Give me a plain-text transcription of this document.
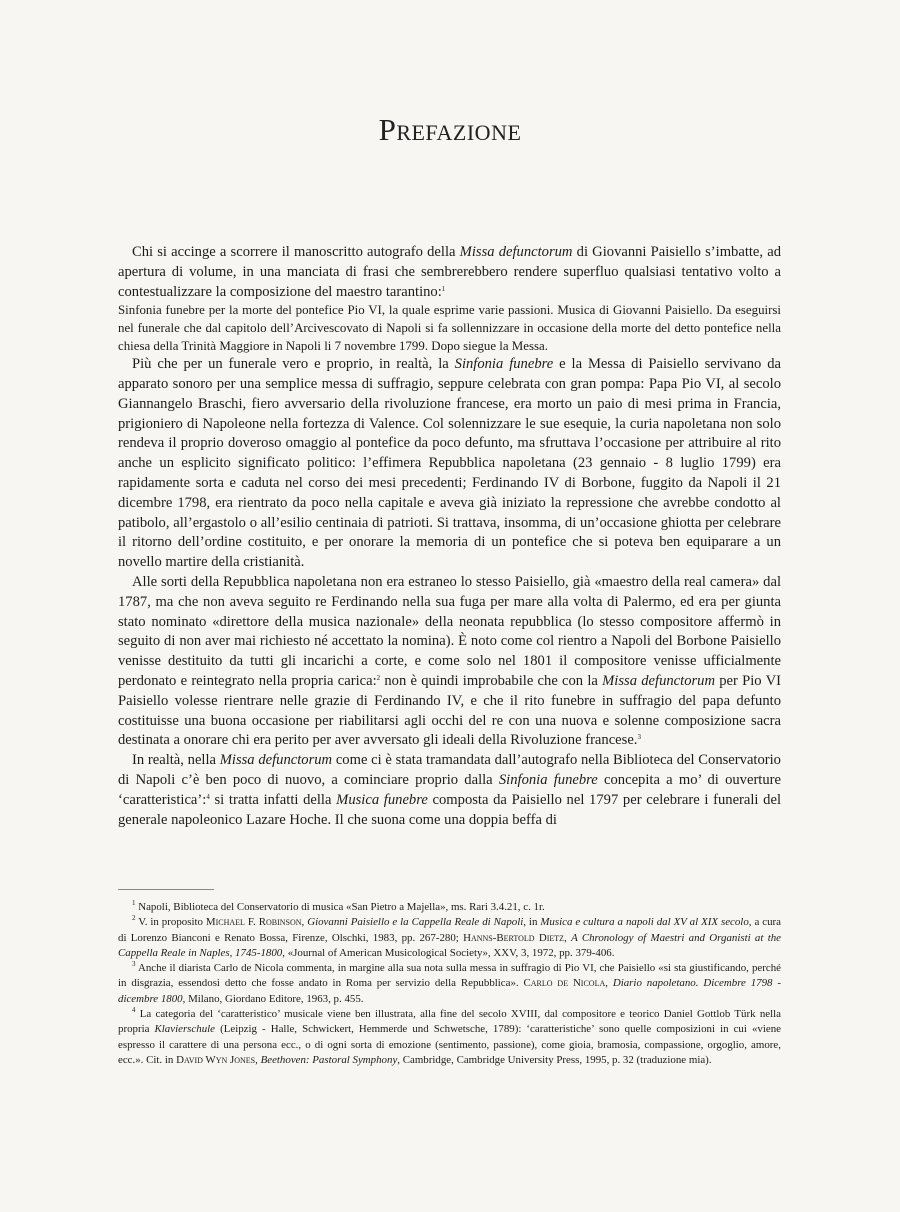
Prefazione

Chi si accinge a scorrere il manoscritto autografo della Missa defunctorum di Giovanni Paisiello s’imbatte, ad apertura di volume, in una manciata di frasi che sembrerebbero rendere superfluo qualsiasi tentativo volto a contestualizzare la composizione del maestro tarantino:$^1$

Sinfonia funebre per la morte del pontefice Pio VI, la quale esprime varie passioni. Musica di Giovanni Paisiello. Da eseguirsi nel funerale che dal capitolo dell’Arcivescovato di Napoli si fa sollennizzare in occasione della morte del detto pontefice nella chiesa della Trinità Maggiore in Napoli li 7 novembre 1799. Dopo siegue la Messa.

Più che per un funerale vero e proprio, in realtà, la Sinfonia funebre e la Messa di Paisiello servivano da apparato sonoro per una semplice messa di suffragio, seppure celebrata con gran pompa: Papa Pio VI, al secolo Giannangelo Braschi, fiero avversario della rivoluzione francese, era morto un paio di mesi prima in Francia, prigioniero di Napoleone nella fortezza di Valence. Col solennizzare le sue esequie, la curia napoletana non solo rendeva il proprio doveroso omaggio al pontefice da poco defunto, ma sfruttava l’occasione per attribuire al rito anche un esplicito significato politico: l’effimera Repubblica napoletana (23 gennaio - 8 luglio 1799) era rapidamente sorta e caduta nel corso dei mesi precedenti; Ferdinando IV di Borbone, fuggito da Napoli il 21 dicembre 1798, era rientrato da poco nella capitale e aveva già iniziato la repressione che avrebbe condotto al patibolo, all’ergastolo o all’esilio centinaia di patrioti. Si trattava, insomma, di un’occasione ghiotta per celebrare il ritorno dell’ordine costituito, e per onorare la memoria di un pontefice che si poteva ben equiparare a un novello martire della cristianità.

Alle sorti della Repubblica napoletana non era estraneo lo stesso Paisiello, già «maestro della real camera» dal 1787, ma che non aveva seguito re Ferdinando nella sua fuga per mare alla volta di Palermo, ed era per giunta stato nominato «direttore della musica nazionale» della neonata repubblica (lo stesso compositore affermò in seguito di non aver mai richiesto né accettato la nomina). È noto come col rientro a Napoli del Borbone Paisiello venisse destituito da tutti gli incarichi a corte, e come solo nel 1801 il compositore venisse ufficialmente perdonato e reintegrato nella propria carica:$^2$ non è quindi improbabile che con la Missa defunctorum per Pio VI Paisiello volesse rientrare nelle grazie di Ferdinando IV, e che il rito funebre in suffragio del papa defunto costituisse una buona occasione per riabilitarsi agli occhi del re con una nuova e solenne composizione sacra destinata a onorare chi era perito per aver avversato gli ideali della Rivoluzione francese.$^3$

In realtà, nella Missa defunctorum come ci è stata tramandata dall’autografo nella Biblioteca del Conservatorio di Napoli c’è ben poco di nuovo, a cominciare proprio dalla Sinfonia funebre concepita a mo’ di ouverture ‘caratteristica’:$^4$ si tratta infatti della Musica funebre composta da Paisiello nel 1797 per celebrare i funerali del generale napoleonico Lazare Hoche. Il che suona come una doppia beffa di

$^1$ Napoli, Biblioteca del Conservatorio di musica «San Pietro a Majella», ms. Rari 3.4.21, c. 1r.

$^2$ V. in proposito Michael F. Robinson, Giovanni Paisiello e la Cappella Reale di Napoli, in Musica e cultura a napoli dal XV al XIX secolo, a cura di Lorenzo Bianconi e Renato Bossa, Firenze, Olschki, 1983, pp. 267-280; Hanns-Bertold Dietz, A Chronology of Maestri and Organisti at the Cappella Reale in Naples, 1745-1800, «Journal of American Musicological Society», XXV, 3, 1972, pp. 379-406.

$^3$ Anche il diarista Carlo de Nicola commenta, in margine alla sua nota sulla messa in suffragio di Pio VI, che Paisiello «si sta giustificando, perché in disgrazia, essendosi detto che fosse andato in Roma per servizio della Repubblica». Carlo de Nicola, Diario napoletano. Dicembre 1798 - dicembre 1800, Milano, Giordano Editore, 1963, p. 455.

$^4$ La categoria del ‘caratteristico’ musicale viene ben illustrata, alla fine del secolo XVIII, dal compositore e teorico Daniel Gottlob Türk nella propria Klavierschule (Leipzig - Halle, Schwickert, Hemmerde und Schwetsche, 1789): ‘caratteristiche’ sono quelle composizioni in cui «viene espresso il carattere di una persona ecc., o di ogni sorta di emozione (sentimento, passione), come gioia, bramosia, compassione, orgoglio, amore, ecc.». Cit. in David Wyn Jones, Beethoven: Pastoral Symphony, Cambridge, Cambridge University Press, 1995, p. 32 (traduzione mia).
